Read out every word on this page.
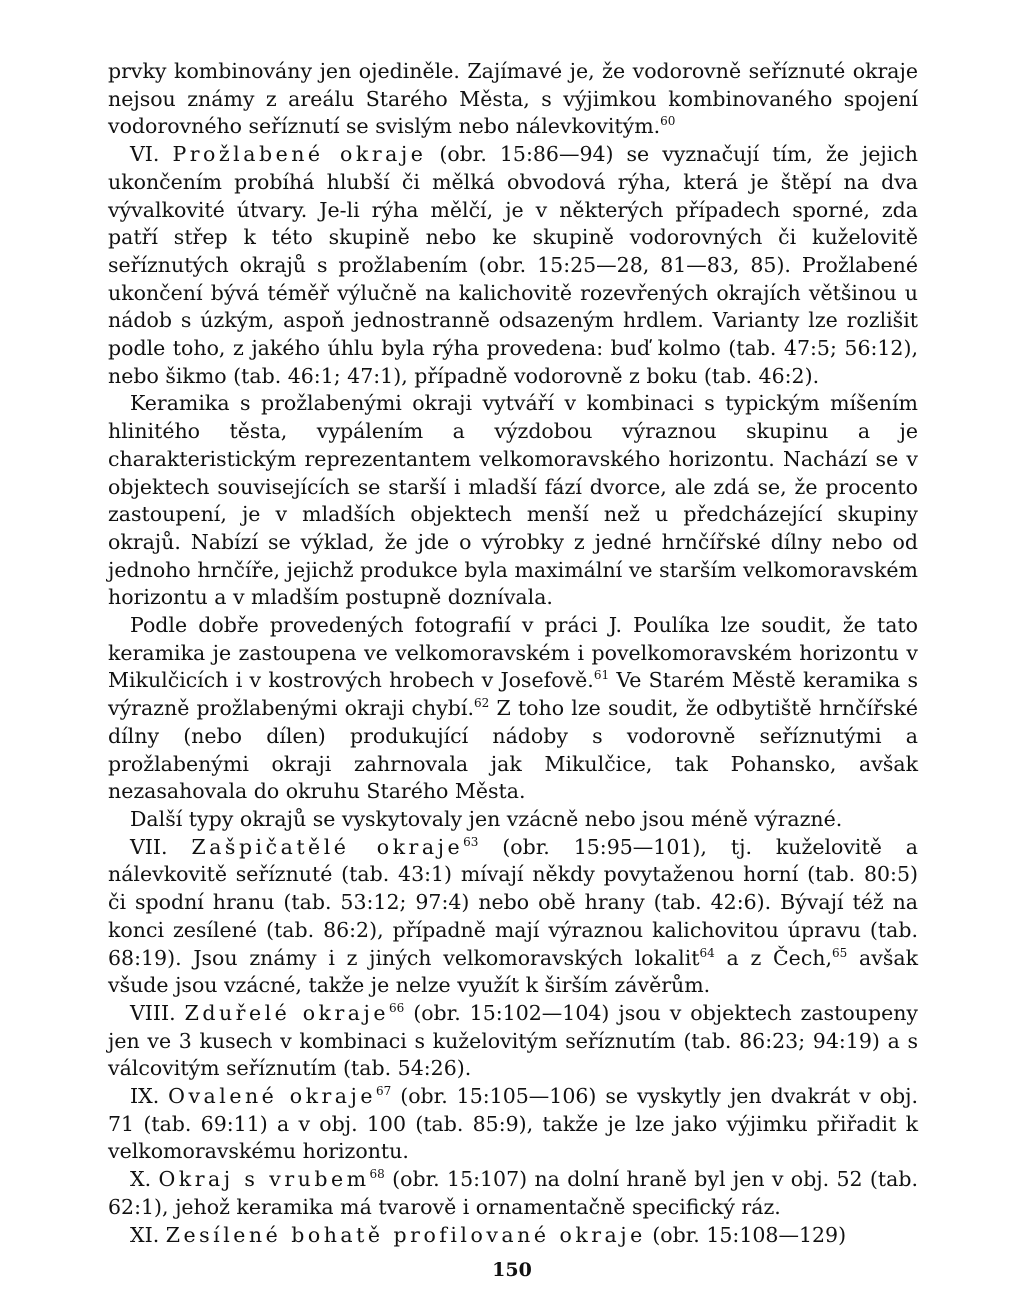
prvky kombinovány jen ojediněle. Zajímavé je, že vodorovně seříznuté okraje nejsou známy z areálu Starého Města, s výjimkou kombinovaného spojení vodorovného seříznutí se svislým nebo nálevkovitým.$^{60}$

VI. Prožlabené okraje (obr. 15:86—94) se vyznačují tím, že jejich ukončením probíhá hlubší či mělká obvodová rýha, která je štěpí na dva vývalkovité útvary. Je-li rýha mělčí, je v některých případech sporné, zda patří střep k této skupině nebo ke skupině vodorovných či kuželovitě seříznutých okrajů s prožlabením (obr. 15:25—28, 81—83, 85). Prožlabené ukončení bývá téměř výlučně na kalichovitě rozevřených okrajích většinou u nádob s úzkým, aspoň jednostranně odsazeným hrdlem. Varianty lze rozlišit podle toho, z jakého úhlu byla rýha provedena: buď kolmo (tab. 47:5; 56:12), nebo šikmo (tab. 46:1; 47:1), případně vodorovně z boku (tab. 46:2).

Keramika s prožlabenými okraji vytváří v kombinaci s typickým míšením hlinitého těsta, vypálením a výzdobou výraznou skupinu a je charakteristickým reprezentantem velkomoravského horizontu. Nachází se v objektech souvisejících se starší i mladší fází dvorce, ale zdá se, že procento zastoupení, je v mladších objektech menší než u předcházející skupiny okrajů. Nabízí se výklad, že jde o výrobky z jedné hrnčířské dílny nebo od jednoho hrnčíře, jejichž produkce byla maximální ve starším velkomoravském horizontu a v mladším postupně doznívala.

Podle dobře provedených fotografií v práci J. Poulíka lze soudit, že tato keramika je zastoupena ve velkomoravském i povelkomoravském horizontu v Mikulčicích i v kostrových hrobech v Josefově.$^{61}$ Ve Starém Městě keramika s výrazně prožlabenými okraji chybí.$^{62}$ Z toho lze soudit, že odbytiště hrnčířské dílny (nebo dílen) produkující nádoby s vodorovně seříznutými a prožlabenými okraji zahrnovala jak Mikulčice, tak Pohansko, avšak nezasahovala do okruhu Starého Města.

Další typy okrajů se vyskytovaly jen vzácně nebo jsou méně výrazné.

VII. Zašpičatělé okraje$^{63}$ (obr. 15:95—101), tj. kuželovitě a nálevkovitě seříznuté (tab. 43:1) mívají někdy povytaženou horní (tab. 80:5) či spodní hranu (tab. 53:12; 97:4) nebo obě hrany (tab. 42:6). Bývají též na konci zesílené (tab. 86:2), případně mají výraznou kalichovitou úpravu (tab. 68:19). Jsou známy i z jiných velkomoravských lokalit$^{64}$ a z Čech,$^{65}$ avšak všude jsou vzácné, takže je nelze využít k širším závěrům.

VIII. Zduřelé okraje$^{66}$ (obr. 15:102—104) jsou v objektech zastoupeny jen ve 3 kusech v kombinaci s kuželovitým seříznutím (tab. 86:23; 94:19) a s válcovitým seříznutím (tab. 54:26).

IX. Ovalené okraje$^{67}$ (obr. 15:105—106) se vyskytly jen dvakrát v obj. 71 (tab. 69:11) a v obj. 100 (tab. 85:9), takže je lze jako výjimku přiřadit k velkomoravskému horizontu.

X. Okraj s vrubem$^{68}$ (obr. 15:107) na dolní hraně byl jen v obj. 52 (tab. 62:1), jehož keramika má tvarově i ornamentačně specifický ráz.

XI. Zesílené bohatě profilované okraje (obr. 15:108—129)

150
